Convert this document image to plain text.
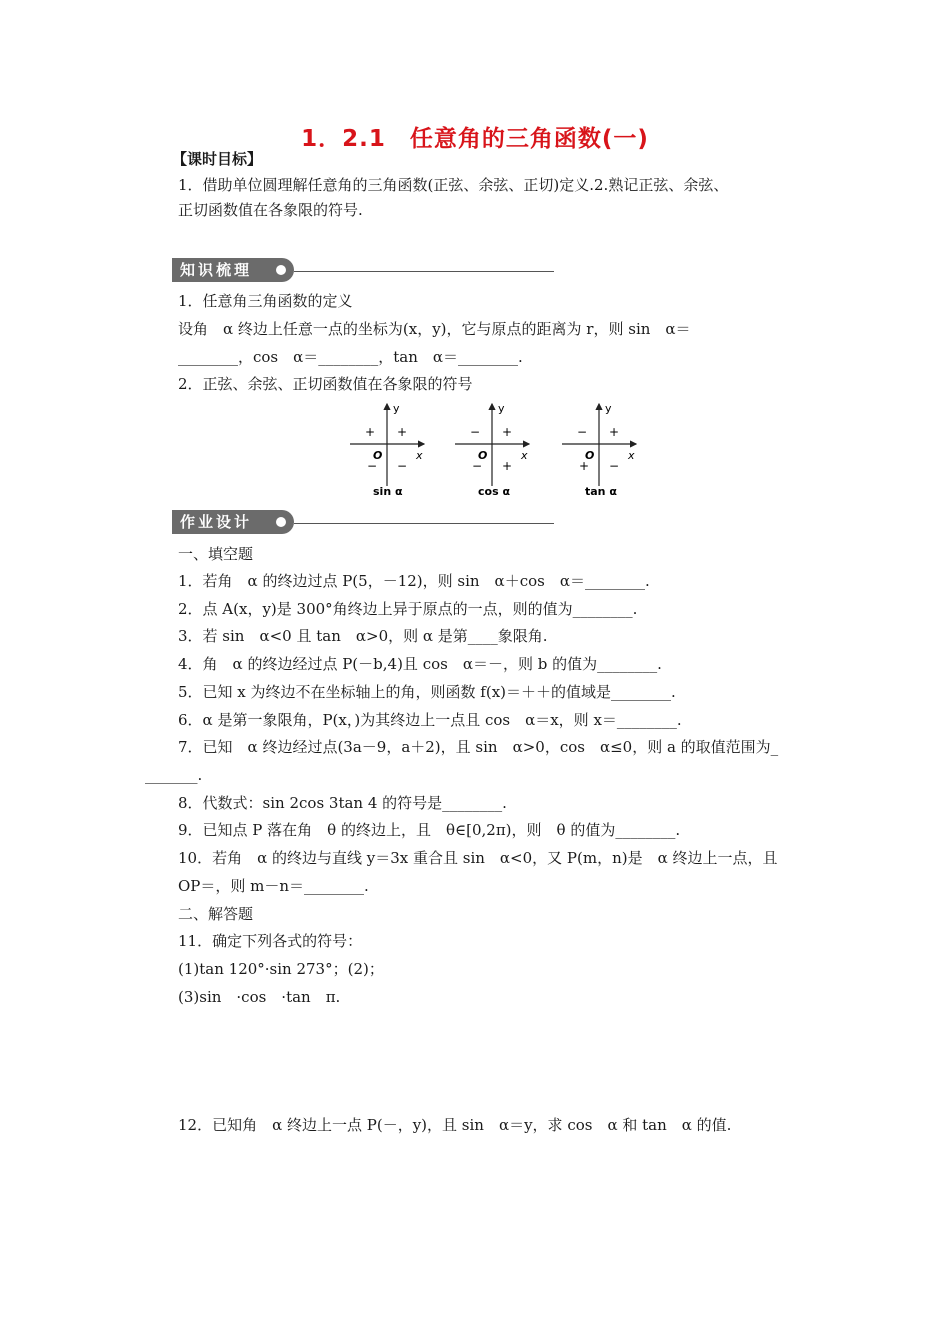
1．2.1　任意角的三角函数(一)
【课时目标】
1．借助单位圆理解任意角的三角函数(正弦、余弦、正切)定义.2.熟记正弦、余弦、
正切函数值在各象限的符号.
知识梳理
1．任意角三角函数的定义
设角　α 终边上任意一点的坐标为(x，y)，它与原点的距离为 r，则 sin　α＝
________，cos　α＝________，tan　α＝________.
2．正弦、余弦、正切函数值在各象限的符号
y
x
O
+
+
− −
sin α
y
x
O
+
−
− +
cos α
y
x
O
+
−
+ −
tan α
作业设计
一、填空题
1．若角　α 的终边过点 P(5，－12)，则 sin　α＋cos　α＝________.
2．点 A(x，y)是 300°角终边上异于原点的一点，则的值为________.
3．若 sin　α<0 且 tan　α>0，则 α 是第____象限角.
4．角　α 的终边经过点 P(－b,4)且 cos　α＝－，则 b 的值为________.
5．已知 x 为终边不在坐标轴上的角，则函数 f(x)＝＋＋的值域是________.
6．α 是第一象限角，P(x，)为其终边上一点且 cos　α＝x，则 x＝________.
7．已知　α 终边经过点(3a－9，a＋2)，且 sin　α>0，cos　α≤0，则 a 的取值范围为_
_______.
8．代数式：sin 2cos 3tan 4 的符号是________.
9．已知点 P 落在角　θ 的终边上，且　θ∈[0,2π)，则　θ 的值为________.
10．若角　α 的终边与直线 y＝3x 重合且 sin　α<0，又 P(m，n)是　α 终边上一点，且
OP＝，则 m－n＝________.
二、解答题
11．确定下列各式的符号：
(1)tan 120°·sin 273°；(2)；
(3)sin　·cos　·tan　π.
12．已知角　α 终边上一点 P(－，y)，且 sin　α＝y，求 cos　α 和 tan　α 的值.
